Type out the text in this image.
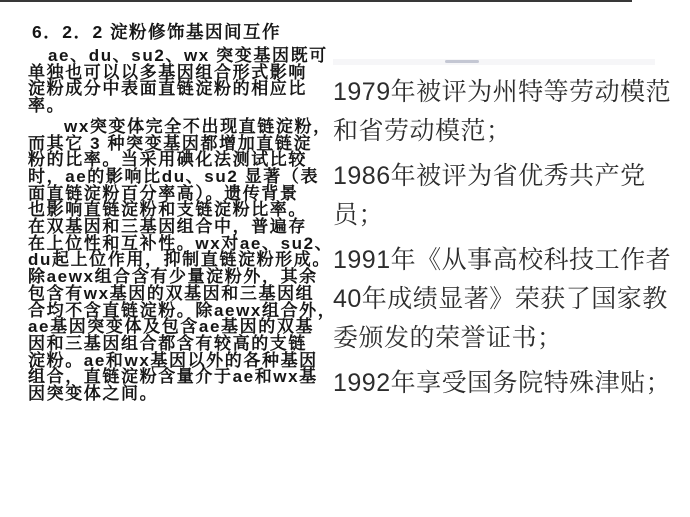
6．2．2 淀粉修饰基因间互作
ae、du、su2、wx 突变基因既可
单独也可以以多基因组合形式影响
淀粉成分中表面直链淀粉的相应比
率。
wx突变体完全不出现直链淀粉，
而其它 3 种突变基因都增加直链淀
粉的比率。当采用碘化法测试比较
时，ae的影响比du、su2 显著（表
面直链淀粉百分率高）。遗传背景
也影响直链淀粉和支链淀粉比率。
在双基因和三基因组合中，普遍存
在上位性和互补性。wx对ae、su2、
du起上位作用，抑制直链淀粉形成。
除aewx组合含有少量淀粉外，其余
包含有wx基因的双基因和三基因组
合均不含直链淀粉。除aewx组合外，
ae基因突变体及包含ae基因的双基
因和三基因组合都含有较高的支链
淀粉。ae和wx基因以外的各种基因
组合，直链淀粉含量介于ae和wx基
因突变体之间。
1979年被评为州特等劳动模范
和省劳动模范；
1986年被评为省优秀共产党
员；
1991年《从事高校科技工作者
40年成绩显著》荣获了国家教
委颁发的荣誉证书；
1992年享受国务院特殊津贴；
